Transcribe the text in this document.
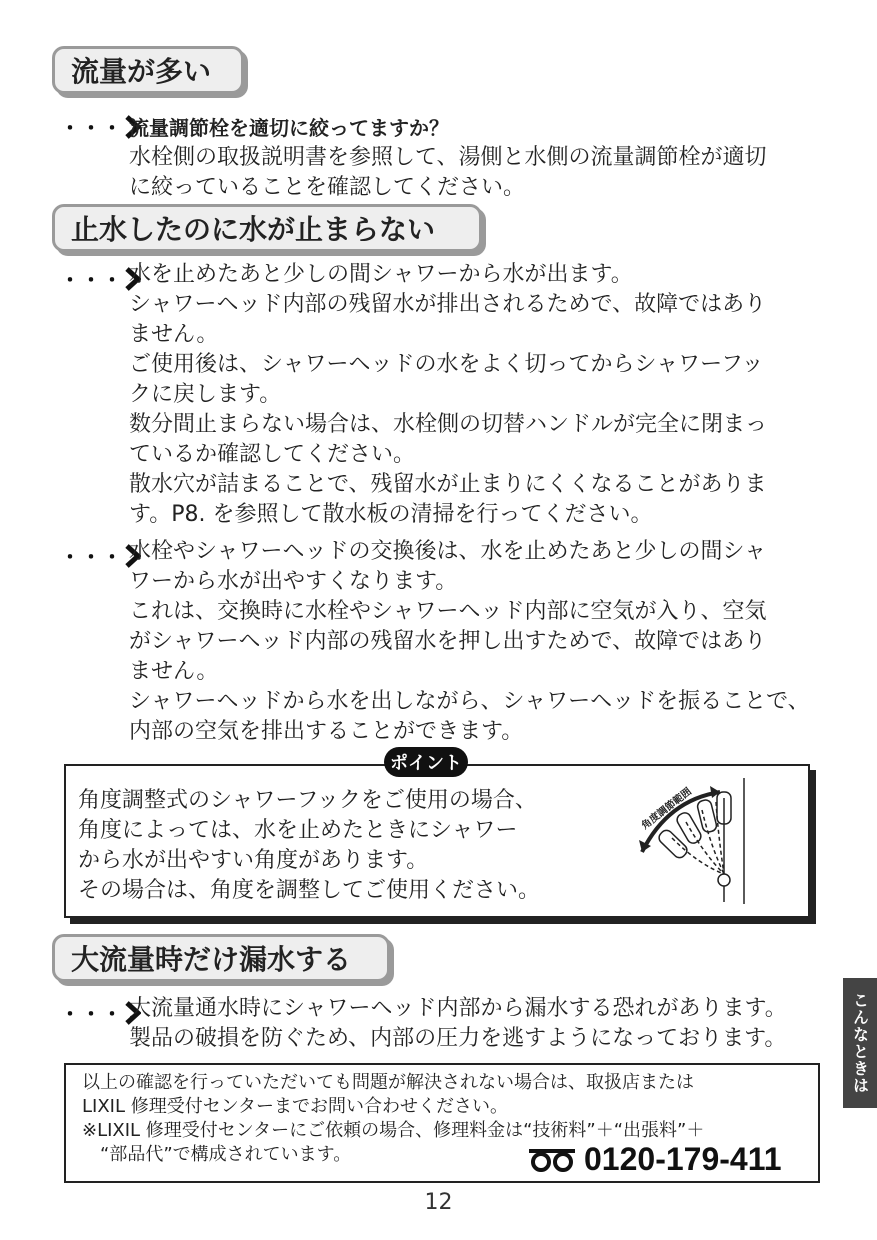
流量が多い
・・・ 流量調節栓を適切に絞ってますか？
水栓側の取扱説明書を参照して、湯側と水側の流量調節栓が適切
に絞っていることを確認してください。
止水したのに水が止まらない
・・・ 水を止めたあと少しの間シャワーから水が出ます。
シャワーヘッド内部の残留水が排出されるためで、故障ではあり
ません。
ご使用後は、シャワーヘッドの水をよく切ってからシャワーフッ
クに戻します。
数分間止まらない場合は、水栓側の切替ハンドルが完全に閉まっ
ているか確認してください。
散水穴が詰まることで、残留水が止まりにくくなることがありま
す。P8. を参照して散水板の清掃を行ってください。
・・・ 水栓やシャワーヘッドの交換後は、水を止めたあと少しの間シャ
ワーから水が出やすくなります。
これは、交換時に水栓やシャワーヘッド内部に空気が入り、空気
がシャワーヘッド内部の残留水を押し出すためで、故障ではあり
ません。
シャワーヘッドから水を出しながら、シャワーヘッドを振ることで、
内部の空気を排出することができます。
ポイント
角度調整式のシャワーフックをご使用の場合、
角度によっては、水を止めたときにシャワー
から水が出やすい角度があります。
その場合は、角度を調整してご使用ください。
角度調節範囲
大流量時だけ漏水する
・・・ 大流量通水時にシャワーヘッド内部から漏水する恐れがあります。
製品の破損を防ぐため、内部の圧力を逃すようになっております。	こんなときは
以上の確認を行っていただいても問題が解決されない場合は、取扱店または
LIXIL 修理受付センターまでお問い合わせください。
※LIXIL 修理受付センターにご依頼の場合、修理料金は“技術料”＋“出張料”＋
　“部品代”で構成されています。	0120-179-411
12
